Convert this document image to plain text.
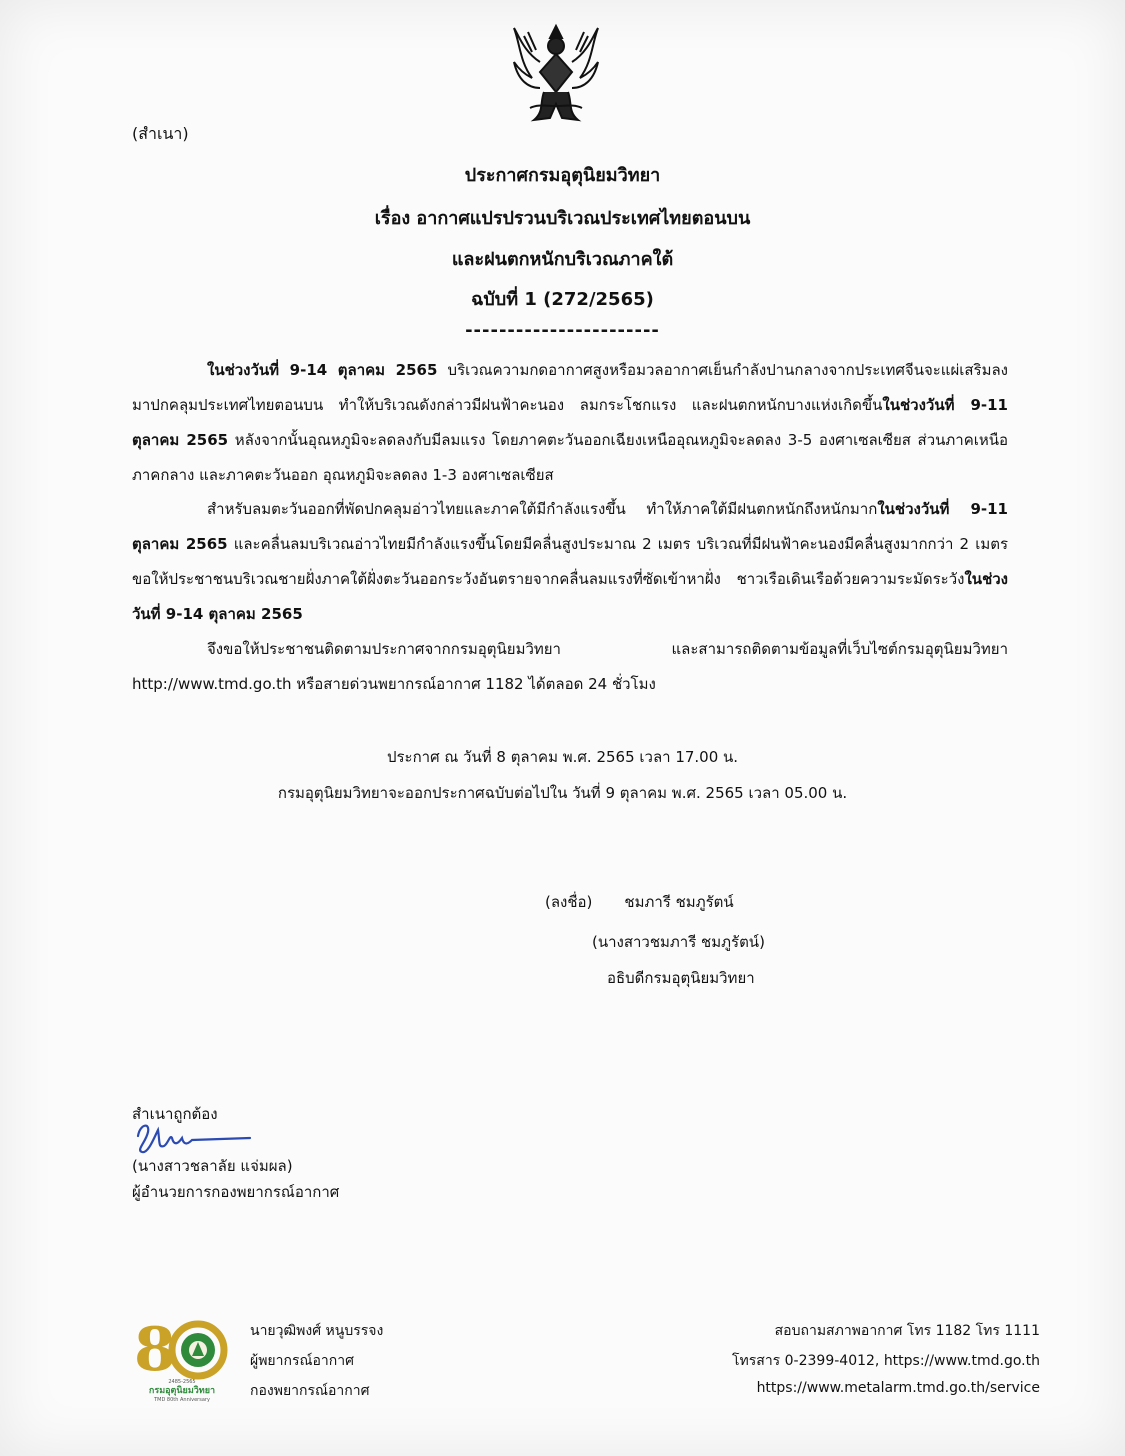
(สำเนา)
ประกาศกรมอุตุนิยมวิทยา
เรื่อง อากาศแปรปรวนบริเวณประเทศไทยตอนบน
และฝนตกหนักบริเวณภาคใต้
ฉบับที่ 1 (272/2565)
-----------------------

ในช่วงวันที่ 9-14 ตุลาคม 2565 บริเวณความกดอากาศสูงหรือมวลอากาศเย็นกำลังปานกลางจากประเทศจีนจะแผ่เสริมลงมาปกคลุมประเทศไทยตอนบน ทำให้บริเวณดังกล่าวมีฝนฟ้าคะนอง ลมกระโชกแรง และฝนตกหนักบางแห่งเกิดขึ้นในช่วงวันที่ 9-11 ตุลาคม 2565 หลังจากนั้นอุณหภูมิจะลดลงกับมีลมแรง โดยภาคตะวันออกเฉียงเหนืออุณหภูมิจะลดลง 3-5 องศาเซลเซียส ส่วนภาคเหนือ ภาคกลาง และภาคตะวันออก อุณหภูมิจะลดลง 1-3 องศาเซลเซียส

สำหรับลมตะวันออกที่พัดปกคลุมอ่าวไทยและภาคใต้มีกำลังแรงขึ้น ทำให้ภาคใต้มีฝนตกหนักถึงหนักมากในช่วงวันที่ 9-11 ตุลาคม 2565 และคลื่นลมบริเวณอ่าวไทยมีกำลังแรงขึ้นโดยมีคลื่นสูงประมาณ 2 เมตร บริเวณที่มีฝนฟ้าคะนองมีคลื่นสูงมากกว่า 2 เมตร ขอให้ประชาชนบริเวณชายฝั่งภาคใต้ฝั่งตะวันออกระวังอันตรายจากคลื่นลมแรงที่ซัดเข้าหาฝั่ง ชาวเรือเดินเรือด้วยความระมัดระวังในช่วงวันที่ 9-14 ตุลาคม 2565

จึงขอให้ประชาชนติดตามประกาศจากกรมอุตุนิยมวิทยา และสามารถติดตามข้อมูลที่เว็บไซต์กรมอุตุนิยมวิทยา http://www.tmd.go.th หรือสายด่วนพยากรณ์อากาศ 1182 ได้ตลอด 24 ชั่วโมง

ประกาศ ณ วันที่ 8 ตุลาคม พ.ศ. 2565 เวลา 17.00 น.
กรมอุตุนิยมวิทยาจะออกประกาศฉบับต่อไปใน วันที่ 9 ตุลาคม พ.ศ. 2565 เวลา 05.00 น.
(ลงชื่อ) ชมภารี ชมภูรัตน์
(นางสาวชมภารี ชมภูรัตน์)
อธิบดีกรมอุตุนิยมวิทยา
สำเนาถูกต้อง
(นางสาวชลาลัย แจ่มผล)
ผู้อำนวยการกองพยากรณ์อากาศ
8
2485-2565
กรมอุตุนิยมวิทยา
TMD 80th Anniversary
นายวุฒิพงศ์ หนูบรรจง
ผู้พยากรณ์อากาศ
กองพยากรณ์อากาศ
สอบถามสภาพอากาศ โทร 1182 โทร 1111
โทรสาร 0-2399-4012, https://www.tmd.go.th
https://www.metalarm.tmd.go.th/service
